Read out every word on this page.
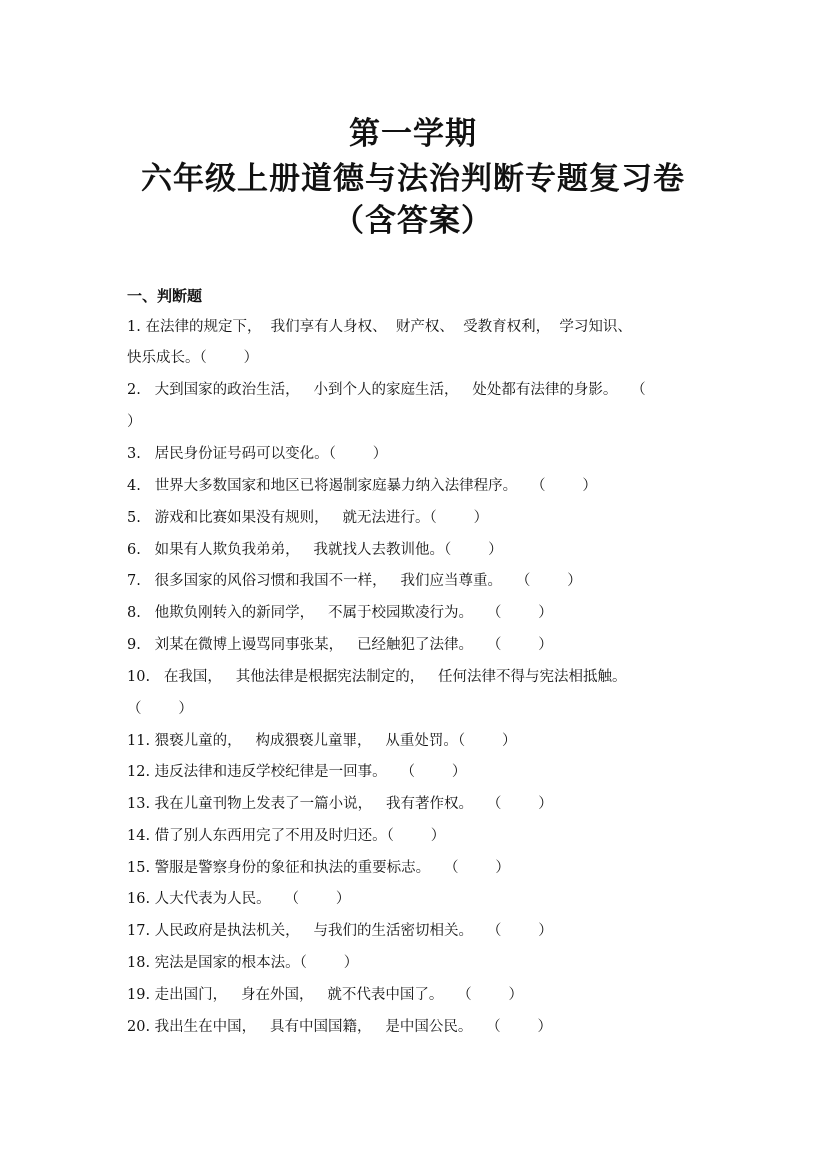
第一学期
六年级上册道德与法治判断专题复习卷
（含答案）
一、判断题
1. 在法律的规定下，  我们享有人身权、  财产权、  受教育权利，  学习知识、
快乐成长。（        ）
2. 大到国家的政治生活，   小到个人的家庭生活，   处处都有法律的身影。   （
）
3. 居民身份证号码可以变化。（        ）
4. 世界大多数国家和地区已将遏制家庭暴力纳入法律程序。   （        ）
5. 游戏和比赛如果没有规则，   就无法进行。（        ）
6. 如果有人欺负我弟弟，   我就找人去教训他。（        ）
7. 很多国家的风俗习惯和我国不一样，   我们应当尊重。   （        ）
8. 他欺负刚转入的新同学，   不属于校园欺凌行为。   （        ）
9. 刘某在微博上谩骂同事张某，   已经触犯了法律。   （        ）
10. 在我国，   其他法律是根据宪法制定的，   任何法律不得与宪法相抵触。
（        ）
11. 猥亵儿童的，   构成猥亵儿童罪，   从重处罚。（        ）
12. 违反法律和违反学校纪律是一回事。   （        ）
13. 我在儿童刊物上发表了一篇小说，   我有著作权。   （        ）
14. 借了别人东西用完了不用及时归还。（        ）
15. 警服是警察身份的象征和执法的重要标志。   （        ）
16. 人大代表为人民。   （        ）
17. 人民政府是执法机关，   与我们的生活密切相关。   （        ）
18. 宪法是国家的根本法。（        ）
19. 走出国门，   身在外国，   就不代表中国了。   （        ）
20. 我出生在中国，   具有中国国籍，   是中国公民。   （        ）
